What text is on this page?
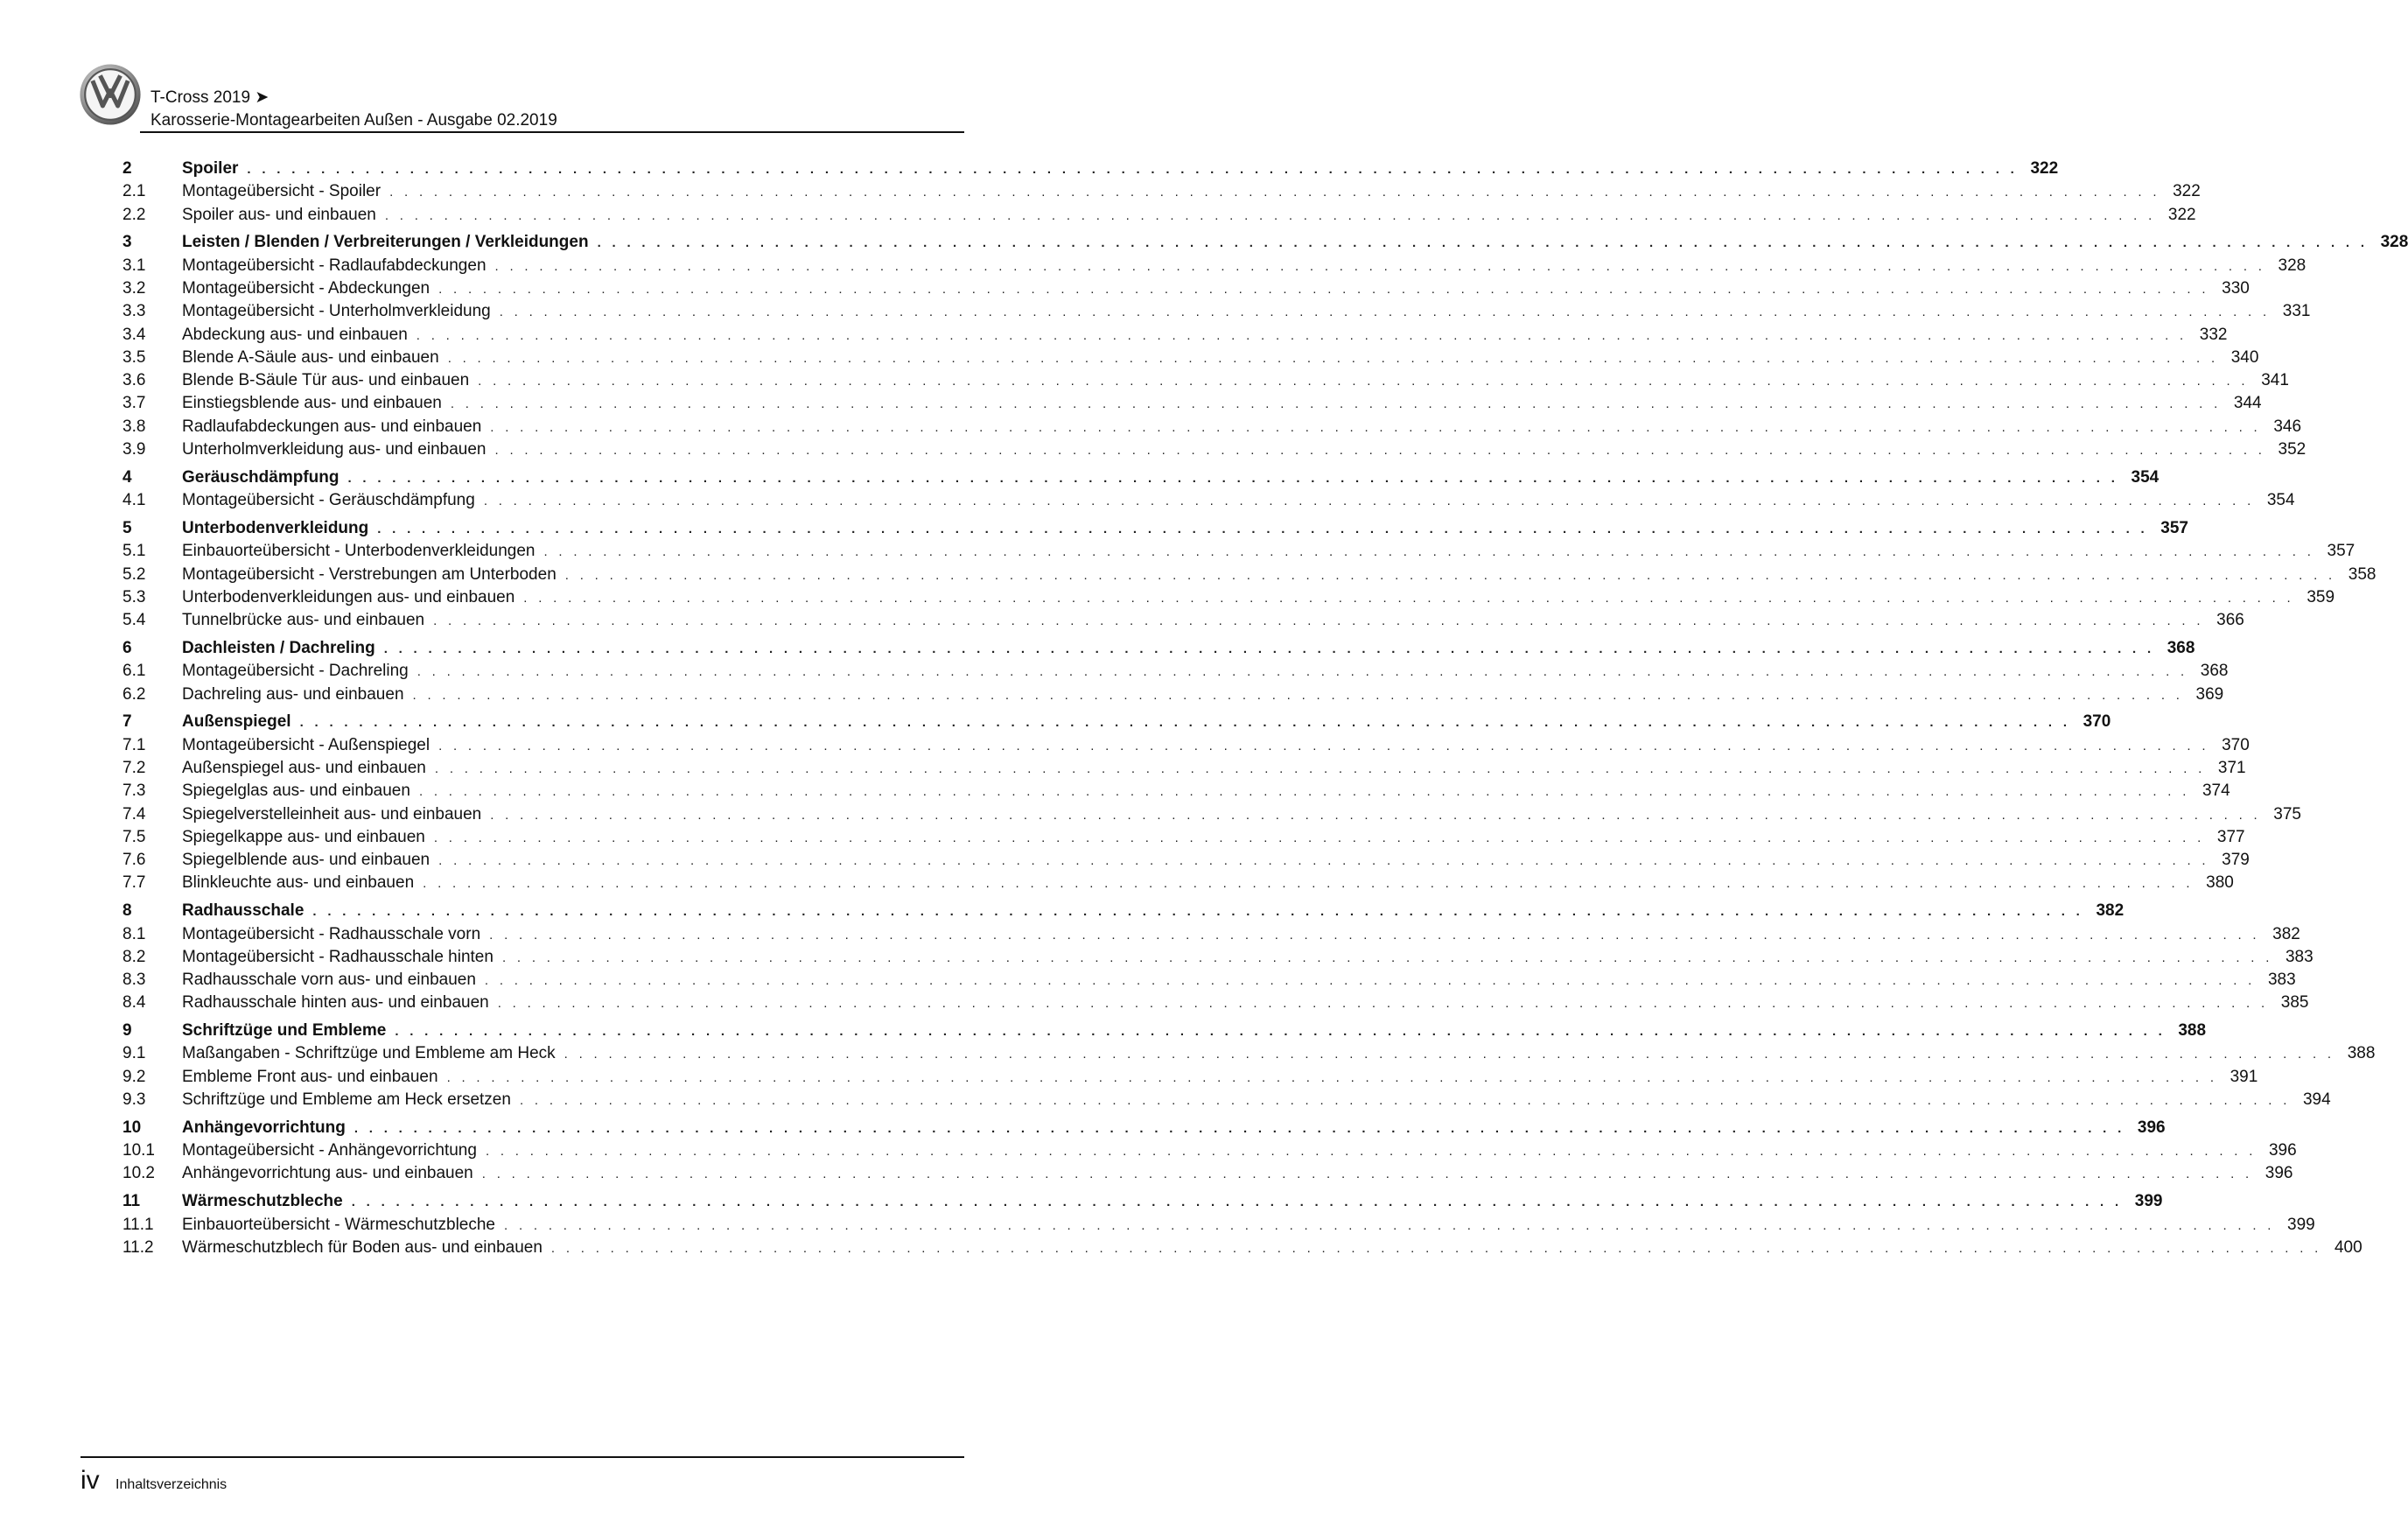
T-Cross 2019 ➤
Karosserie-Montagearbeiten Außen - Ausgabe 02.2019
2	Spoiler . . . . . . . . . . . . . . . . . . . . . . . . . . . . . . . . . . . . . . . . . . . . . . . . . . . . . . . . . . . . . . . . . . . . . . . . . . . . . . . . . . . . . . . . . . . . . . . . . . . . . . . . . . . . . . . . . . . . . . . . 322
2.1	Montageübersicht - Spoiler . . . . . . . . . . . . . . . . . . . . . . . . . . . . . . . . . . . . . . . . . . . . . . . . . . . . . . . . . . . . . . . . . . . . . . . . . . . . . . . . . . . . . . . . . . . . . . . . . . . . . . . . . . . . . . . . . . . . . . . . 322
2.2	Spoiler aus- und einbauen . . . . . . . . . . . . . . . . . . . . . . . . . . . . . . . . . . . . . . . . . . . . . . . . . . . . . . . . . . . . . . . . . . . . . . . . . . . . . . . . . . . . . . . . . . . . . . . . . . . . . . . . . . . . . . . . . . . . . . . . 322
3	Leisten / Blenden / Verbreiterungen / Verkleidungen . . . . . . . . . . . . . . . . . . . . . . . . . . . . . . . . . . . . . . . . . . . . . . . . . . . . . . . . . . . . . . . . . . . . . . . . . . . . . . . . . . . . . . . . . . . . . . . . . . . . . . . . . . . . . . . . . . . . . . . . 328
3.1	Montageübersicht - Radlaufabdeckungen . . . . . . . . . . . . . . . . . . . . . . . . . . . . . . . . . . . . . . . . . . . . . . . . . . . . . . . . . . . . . . . . . . . . . . . . . . . . . . . . . . . . . . . . . . . . . . . . . . . . . . . . . . . . . . . . . . . . . . . . 328
3.2	Montageübersicht - Abdeckungen . . . . . . . . . . . . . . . . . . . . . . . . . . . . . . . . . . . . . . . . . . . . . . . . . . . . . . . . . . . . . . . . . . . . . . . . . . . . . . . . . . . . . . . . . . . . . . . . . . . . . . . . . . . . . . . . . . . . . . . . 330
3.3	Montageübersicht - Unterholmverkleidung . . . . . . . . . . . . . . . . . . . . . . . . . . . . . . . . . . . . . . . . . . . . . . . . . . . . . . . . . . . . . . . . . . . . . . . . . . . . . . . . . . . . . . . . . . . . . . . . . . . . . . . . . . . . . . . . . . . . . . . . 331
3.4	Abdeckung aus- und einbauen . . . . . . . . . . . . . . . . . . . . . . . . . . . . . . . . . . . . . . . . . . . . . . . . . . . . . . . . . . . . . . . . . . . . . . . . . . . . . . . . . . . . . . . . . . . . . . . . . . . . . . . . . . . . . . . . . . . . . . . . 332
3.5	Blende A-Säule aus- und einbauen . . . . . . . . . . . . . . . . . . . . . . . . . . . . . . . . . . . . . . . . . . . . . . . . . . . . . . . . . . . . . . . . . . . . . . . . . . . . . . . . . . . . . . . . . . . . . . . . . . . . . . . . . . . . . . . . . . . . . . . . 340
3.6	Blende B-Säule Tür aus- und einbauen . . . . . . . . . . . . . . . . . . . . . . . . . . . . . . . . . . . . . . . . . . . . . . . . . . . . . . . . . . . . . . . . . . . . . . . . . . . . . . . . . . . . . . . . . . . . . . . . . . . . . . . . . . . . . . . . . . . . . . . . 341
3.7	Einstiegsblende aus- und einbauen . . . . . . . . . . . . . . . . . . . . . . . . . . . . . . . . . . . . . . . . . . . . . . . . . . . . . . . . . . . . . . . . . . . . . . . . . . . . . . . . . . . . . . . . . . . . . . . . . . . . . . . . . . . . . . . . . . . . . . . . 344
3.8	Radlaufabdeckungen aus- und einbauen . . . . . . . . . . . . . . . . . . . . . . . . . . . . . . . . . . . . . . . . . . . . . . . . . . . . . . . . . . . . . . . . . . . . . . . . . . . . . . . . . . . . . . . . . . . . . . . . . . . . . . . . . . . . . . . . . . . . . . . . 346
3.9	Unterholmverkleidung aus- und einbauen . . . . . . . . . . . . . . . . . . . . . . . . . . . . . . . . . . . . . . . . . . . . . . . . . . . . . . . . . . . . . . . . . . . . . . . . . . . . . . . . . . . . . . . . . . . . . . . . . . . . . . . . . . . . . . . . . . . . . . . . 352
4	Geräuschdämpfung . . . . . . . . . . . . . . . . . . . . . . . . . . . . . . . . . . . . . . . . . . . . . . . . . . . . . . . . . . . . . . . . . . . . . . . . . . . . . . . . . . . . . . . . . . . . . . . . . . . . . . . . . . . . . . . . . . . . . . . . 354
4.1	Montageübersicht - Geräuschdämpfung . . . . . . . . . . . . . . . . . . . . . . . . . . . . . . . . . . . . . . . . . . . . . . . . . . . . . . . . . . . . . . . . . . . . . . . . . . . . . . . . . . . . . . . . . . . . . . . . . . . . . . . . . . . . . . . . . . . . . . . . 354
5	Unterbodenverkleidung . . . . . . . . . . . . . . . . . . . . . . . . . . . . . . . . . . . . . . . . . . . . . . . . . . . . . . . . . . . . . . . . . . . . . . . . . . . . . . . . . . . . . . . . . . . . . . . . . . . . . . . . . . . . . . . . . . . . . . . . 357
5.1	Einbauorteübersicht - Unterbodenverkleidungen . . . . . . . . . . . . . . . . . . . . . . . . . . . . . . . . . . . . . . . . . . . . . . . . . . . . . . . . . . . . . . . . . . . . . . . . . . . . . . . . . . . . . . . . . . . . . . . . . . . . . . . . . . . . . . . . . . . . . . . . 357
5.2	Montageübersicht - Verstrebungen am Unterboden . . . . . . . . . . . . . . . . . . . . . . . . . . . . . . . . . . . . . . . . . . . . . . . . . . . . . . . . . . . . . . . . . . . . . . . . . . . . . . . . . . . . . . . . . . . . . . . . . . . . . . . . . . . . . . . . . . . . . . . . 358
5.3	Unterbodenverkleidungen aus- und einbauen . . . . . . . . . . . . . . . . . . . . . . . . . . . . . . . . . . . . . . . . . . . . . . . . . . . . . . . . . . . . . . . . . . . . . . . . . . . . . . . . . . . . . . . . . . . . . . . . . . . . . . . . . . . . . . . . . . . . . . . . 359
5.4	Tunnelbrücke aus- und einbauen . . . . . . . . . . . . . . . . . . . . . . . . . . . . . . . . . . . . . . . . . . . . . . . . . . . . . . . . . . . . . . . . . . . . . . . . . . . . . . . . . . . . . . . . . . . . . . . . . . . . . . . . . . . . . . . . . . . . . . . . 366
6	Dachleisten / Dachreling . . . . . . . . . . . . . . . . . . . . . . . . . . . . . . . . . . . . . . . . . . . . . . . . . . . . . . . . . . . . . . . . . . . . . . . . . . . . . . . . . . . . . . . . . . . . . . . . . . . . . . . . . . . . . . . . . . . . . . . . 368
6.1	Montageübersicht - Dachreling . . . . . . . . . . . . . . . . . . . . . . . . . . . . . . . . . . . . . . . . . . . . . . . . . . . . . . . . . . . . . . . . . . . . . . . . . . . . . . . . . . . . . . . . . . . . . . . . . . . . . . . . . . . . . . . . . . . . . . . . 368
6.2	Dachreling aus- und einbauen . . . . . . . . . . . . . . . . . . . . . . . . . . . . . . . . . . . . . . . . . . . . . . . . . . . . . . . . . . . . . . . . . . . . . . . . . . . . . . . . . . . . . . . . . . . . . . . . . . . . . . . . . . . . . . . . . . . . . . . . 369
7	Außenspiegel . . . . . . . . . . . . . . . . . . . . . . . . . . . . . . . . . . . . . . . . . . . . . . . . . . . . . . . . . . . . . . . . . . . . . . . . . . . . . . . . . . . . . . . . . . . . . . . . . . . . . . . . . . . . . . . . . . . . . . . . 370
7.1	Montageübersicht - Außenspiegel . . . . . . . . . . . . . . . . . . . . . . . . . . . . . . . . . . . . . . . . . . . . . . . . . . . . . . . . . . . . . . . . . . . . . . . . . . . . . . . . . . . . . . . . . . . . . . . . . . . . . . . . . . . . . . . . . . . . . . . . 370
7.2	Außenspiegel aus- und einbauen . . . . . . . . . . . . . . . . . . . . . . . . . . . . . . . . . . . . . . . . . . . . . . . . . . . . . . . . . . . . . . . . . . . . . . . . . . . . . . . . . . . . . . . . . . . . . . . . . . . . . . . . . . . . . . . . . . . . . . . . 371
7.3	Spiegelglas aus- und einbauen . . . . . . . . . . . . . . . . . . . . . . . . . . . . . . . . . . . . . . . . . . . . . . . . . . . . . . . . . . . . . . . . . . . . . . . . . . . . . . . . . . . . . . . . . . . . . . . . . . . . . . . . . . . . . . . . . . . . . . . . 374
7.4	Spiegelverstelleinheit aus- und einbauen . . . . . . . . . . . . . . . . . . . . . . . . . . . . . . . . . . . . . . . . . . . . . . . . . . . . . . . . . . . . . . . . . . . . . . . . . . . . . . . . . . . . . . . . . . . . . . . . . . . . . . . . . . . . . . . . . . . . . . . . 375
7.5	Spiegelkappe aus- und einbauen . . . . . . . . . . . . . . . . . . . . . . . . . . . . . . . . . . . . . . . . . . . . . . . . . . . . . . . . . . . . . . . . . . . . . . . . . . . . . . . . . . . . . . . . . . . . . . . . . . . . . . . . . . . . . . . . . . . . . . . . 377
7.6	Spiegelblende aus- und einbauen . . . . . . . . . . . . . . . . . . . . . . . . . . . . . . . . . . . . . . . . . . . . . . . . . . . . . . . . . . . . . . . . . . . . . . . . . . . . . . . . . . . . . . . . . . . . . . . . . . . . . . . . . . . . . . . . . . . . . . . . 379
7.7	Blinkleuchte aus- und einbauen . . . . . . . . . . . . . . . . . . . . . . . . . . . . . . . . . . . . . . . . . . . . . . . . . . . . . . . . . . . . . . . . . . . . . . . . . . . . . . . . . . . . . . . . . . . . . . . . . . . . . . . . . . . . . . . . . . . . . . . . 380
8	Radhausschale . . . . . . . . . . . . . . . . . . . . . . . . . . . . . . . . . . . . . . . . . . . . . . . . . . . . . . . . . . . . . . . . . . . . . . . . . . . . . . . . . . . . . . . . . . . . . . . . . . . . . . . . . . . . . . . . . . . . . . . . 382
8.1	Montageübersicht - Radhausschale vorn . . . . . . . . . . . . . . . . . . . . . . . . . . . . . . . . . . . . . . . . . . . . . . . . . . . . . . . . . . . . . . . . . . . . . . . . . . . . . . . . . . . . . . . . . . . . . . . . . . . . . . . . . . . . . . . . . . . . . . . . 382
8.2	Montageübersicht - Radhausschale hinten . . . . . . . . . . . . . . . . . . . . . . . . . . . . . . . . . . . . . . . . . . . . . . . . . . . . . . . . . . . . . . . . . . . . . . . . . . . . . . . . . . . . . . . . . . . . . . . . . . . . . . . . . . . . . . . . . . . . . . . . 383
8.3	Radhausschale vorn aus- und einbauen . . . . . . . . . . . . . . . . . . . . . . . . . . . . . . . . . . . . . . . . . . . . . . . . . . . . . . . . . . . . . . . . . . . . . . . . . . . . . . . . . . . . . . . . . . . . . . . . . . . . . . . . . . . . . . . . . . . . . . . . 383
8.4	Radhausschale hinten aus- und einbauen . . . . . . . . . . . . . . . . . . . . . . . . . . . . . . . . . . . . . . . . . . . . . . . . . . . . . . . . . . . . . . . . . . . . . . . . . . . . . . . . . . . . . . . . . . . . . . . . . . . . . . . . . . . . . . . . . . . . . . . . 385
9	Schriftzüge und Embleme . . . . . . . . . . . . . . . . . . . . . . . . . . . . . . . . . . . . . . . . . . . . . . . . . . . . . . . . . . . . . . . . . . . . . . . . . . . . . . . . . . . . . . . . . . . . . . . . . . . . . . . . . . . . . . . . . . . . . . . . 388
9.1	Maßangaben - Schriftzüge und Embleme am Heck . . . . . . . . . . . . . . . . . . . . . . . . . . . . . . . . . . . . . . . . . . . . . . . . . . . . . . . . . . . . . . . . . . . . . . . . . . . . . . . . . . . . . . . . . . . . . . . . . . . . . . . . . . . . . . . . . . . . . . . . 388
9.2	Embleme Front aus- und einbauen . . . . . . . . . . . . . . . . . . . . . . . . . . . . . . . . . . . . . . . . . . . . . . . . . . . . . . . . . . . . . . . . . . . . . . . . . . . . . . . . . . . . . . . . . . . . . . . . . . . . . . . . . . . . . . . . . . . . . . . . 391
9.3	Schriftzüge und Embleme am Heck ersetzen . . . . . . . . . . . . . . . . . . . . . . . . . . . . . . . . . . . . . . . . . . . . . . . . . . . . . . . . . . . . . . . . . . . . . . . . . . . . . . . . . . . . . . . . . . . . . . . . . . . . . . . . . . . . . . . . . . . . . . . . 394
10	Anhängevorrichtung . . . . . . . . . . . . . . . . . . . . . . . . . . . . . . . . . . . . . . . . . . . . . . . . . . . . . . . . . . . . . . . . . . . . . . . . . . . . . . . . . . . . . . . . . . . . . . . . . . . . . . . . . . . . . . . . . . . . . . . . 396
10.1	Montageübersicht - Anhängevorrichtung . . . . . . . . . . . . . . . . . . . . . . . . . . . . . . . . . . . . . . . . . . . . . . . . . . . . . . . . . . . . . . . . . . . . . . . . . . . . . . . . . . . . . . . . . . . . . . . . . . . . . . . . . . . . . . . . . . . . . . . . 396
10.2	Anhängevorrichtung aus- und einbauen . . . . . . . . . . . . . . . . . . . . . . . . . . . . . . . . . . . . . . . . . . . . . . . . . . . . . . . . . . . . . . . . . . . . . . . . . . . . . . . . . . . . . . . . . . . . . . . . . . . . . . . . . . . . . . . . . . . . . . . . 396
11	Wärmeschutzbleche . . . . . . . . . . . . . . . . . . . . . . . . . . . . . . . . . . . . . . . . . . . . . . . . . . . . . . . . . . . . . . . . . . . . . . . . . . . . . . . . . . . . . . . . . . . . . . . . . . . . . . . . . . . . . . . . . . . . . . . . 399
11.1	Einbauorteübersicht - Wärmeschutzbleche . . . . . . . . . . . . . . . . . . . . . . . . . . . . . . . . . . . . . . . . . . . . . . . . . . . . . . . . . . . . . . . . . . . . . . . . . . . . . . . . . . . . . . . . . . . . . . . . . . . . . . . . . . . . . . . . . . . . . . . . 399
11.2	Wärmeschutzblech für Boden aus- und einbauen . . . . . . . . . . . . . . . . . . . . . . . . . . . . . . . . . . . . . . . . . . . . . . . . . . . . . . . . . . . . . . . . . . . . . . . . . . . . . . . . . . . . . . . . . . . . . . . . . . . . . . . . . . . . . . . . . . . . . . . . 400
iv Inhaltsverzeichnis
